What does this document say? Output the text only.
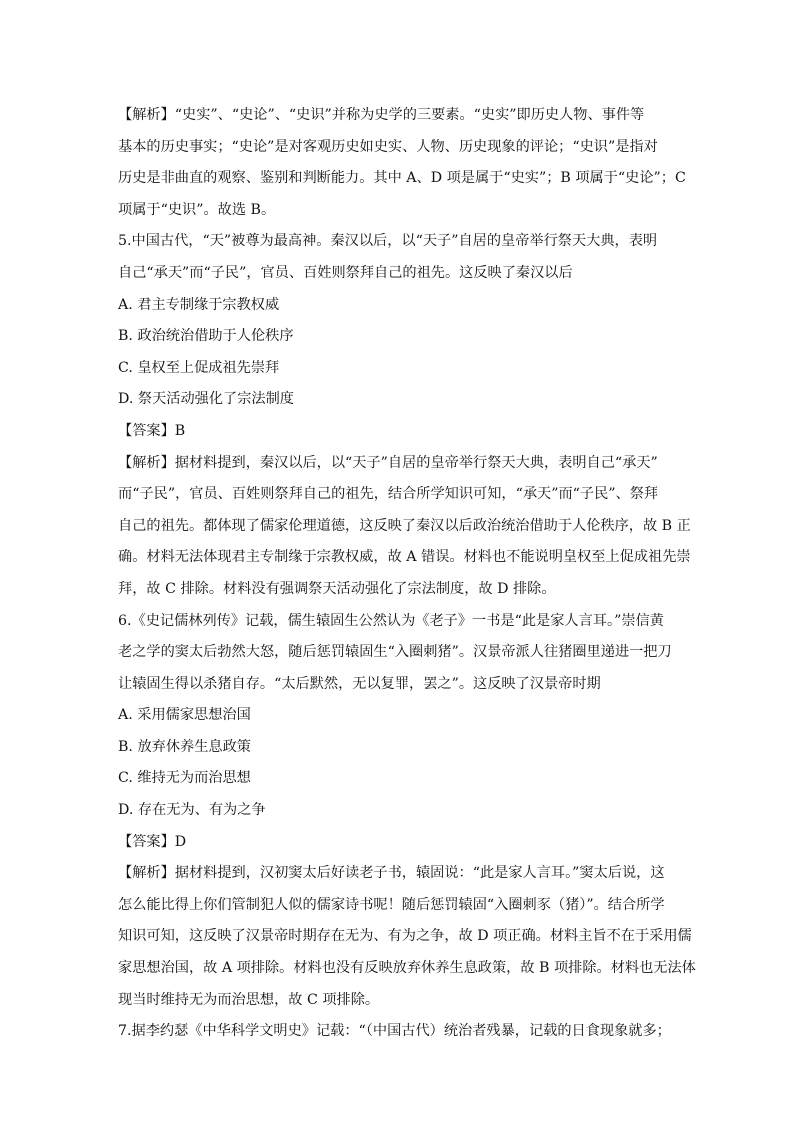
【解析】“史实”、“史论”、“史识”并称为史学的三要素。“史实”即历史人物、事件等

基本的历史事实；“史论”是对客观历史如史实、人物、历史现象的评论；“史识”是指对

历史是非曲直的观察、鉴别和判断能力。其中 A、D 项是属于“史实”；B 项属于“史论”；C

项属于“史识”。故选 B。

5.中国古代，“天”被尊为最高神。秦汉以后，以“天子”自居的皇帝举行祭天大典，表明

自己“承天”而“子民”，官员、百姓则祭拜自己的祖先。这反映了秦汉以后

A. 君主专制缘于宗教权威

B. 政治统治借助于人伦秩序

C. 皇权至上促成祖先崇拜

D. 祭天活动强化了宗法制度

【答案】B

【解析】据材料提到，秦汉以后，以“天子”自居的皇帝举行祭天大典，表明自己“承天”

而“子民”，官员、百姓则祭拜自己的祖先，结合所学知识可知，“承天”而“子民”、祭拜

自己的祖先。都体现了儒家伦理道德，这反映了秦汉以后政治统治借助于人伦秩序，故 B 正

确。材料无法体现君主专制缘于宗教权威，故 A 错误。材料也不能说明皇权至上促成祖先崇

拜，故 C 排除。材料没有强调祭天活动强化了宗法制度，故 D 排除。

6.《史记儒林列传》记载，儒生辕固生公然认为《老子》一书是“此是家人言耳。”崇信黄

老之学的窦太后勃然大怒，随后惩罚辕固生“入圈刺猪”。汉景帝派人往猪圈里递进一把刀

让辕固生得以杀猪自存。“太后默然，无以复罪，罢之”。这反映了汉景帝时期

A. 采用儒家思想治国

B. 放弃休养生息政策

C. 维持无为而治思想

D. 存在无为、有为之争

【答案】D

【解析】据材料提到，汉初窦太后好读老子书，辕固说：“此是家人言耳。”窦太后说，这

怎么能比得上你们管制犯人似的儒家诗书呢！随后惩罚辕固“入圈刺豕（猪）”。结合所学

知识可知，这反映了汉景帝时期存在无为、有为之争，故 D 项正确。材料主旨不在于采用儒

家思想治国，故 A 项排除。材料也没有反映放弃休养生息政策，故 B 项排除。材料也无法体

现当时维持无为而治思想，故 C 项排除。

7.据李约瑟《中华科学文明史》记载：“（中国古代）统治者残暴，记载的日食现象就多；
